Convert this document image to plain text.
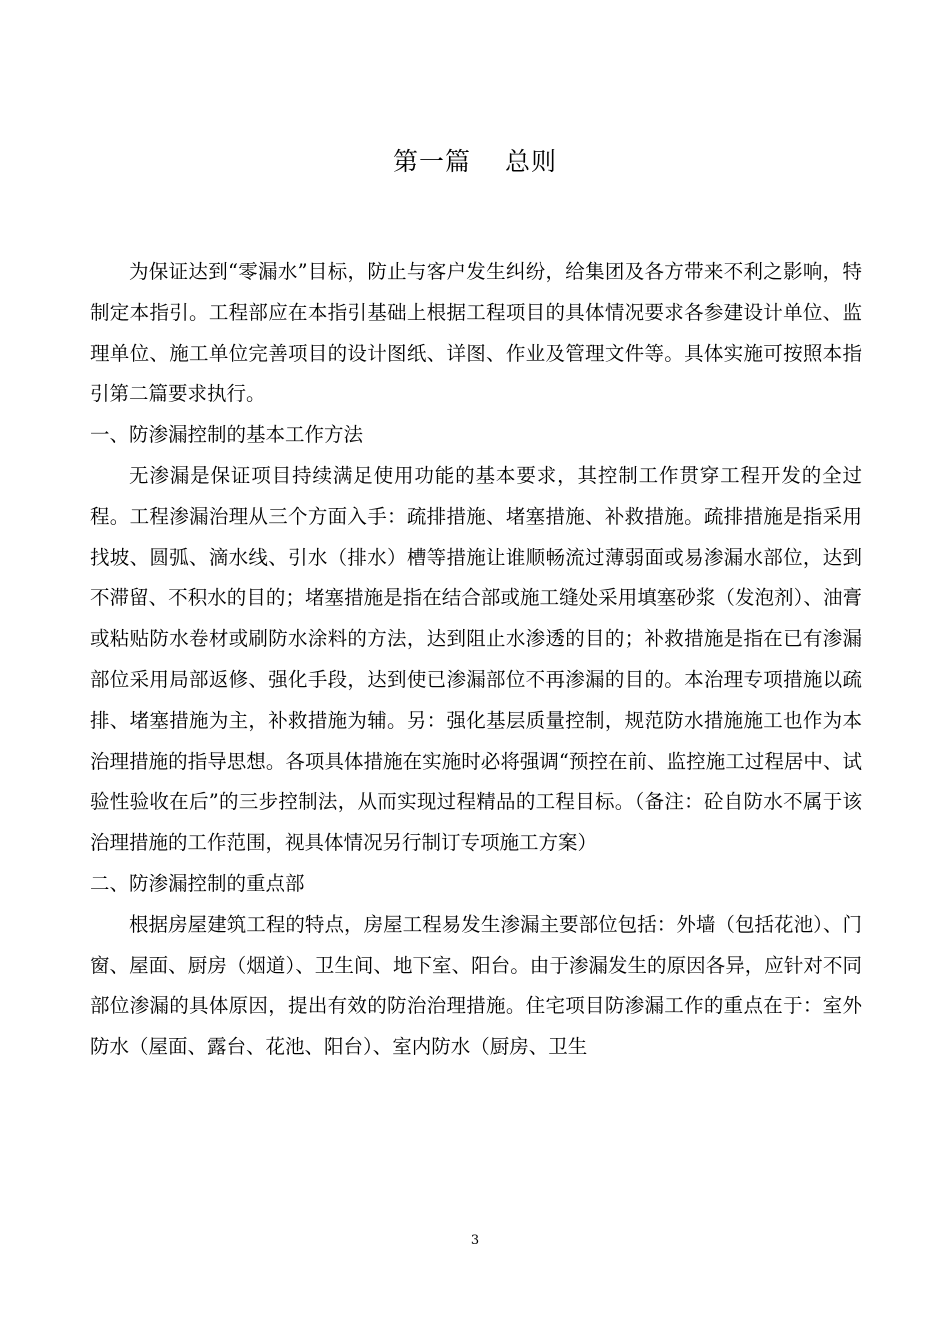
第一篇 总则

为保证达到“零漏水”目标，防止与客户发生纠纷，给集团及各方带来不利之影响，特制定本指引。工程部应在本指引基础上根据工程项目的具体情况要求各参建设计单位、监理单位、施工单位完善项目的设计图纸、详图、作业及管理文件等。具体实施可按照本指引第二篇要求执行。

一、防渗漏控制的基本工作方法

无渗漏是保证项目持续满足使用功能的基本要求，其控制工作贯穿工程开发的全过程。工程渗漏治理从三个方面入手：疏排措施、堵塞措施、补救措施。疏排措施是指采用找坡、圆弧、滴水线、引水（排水）槽等措施让谁顺畅流过薄弱面或易渗漏水部位，达到不滞留、不积水的目的；堵塞措施是指在结合部或施工缝处采用填塞砂浆（发泡剂）、油膏或粘贴防水卷材或刷防水涂料的方法，达到阻止水渗透的目的；补救措施是指在已有渗漏部位采用局部返修、强化手段，达到使已渗漏部位不再渗漏的目的。本治理专项措施以疏排、堵塞措施为主，补救措施为辅。另：强化基层质量控制，规范防水措施施工也作为本治理措施的指导思想。各项具体措施在实施时必将强调“预控在前、监控施工过程居中、试验性验收在后”的三步控制法，从而实现过程精品的工程目标。（备注：砼自防水不属于该治理措施的工作范围，视具体情况另行制订专项施工方案）

二、防渗漏控制的重点部

根据房屋建筑工程的特点，房屋工程易发生渗漏主要部位包括：外墙（包括花池）、门窗、屋面、厨房（烟道）、卫生间、地下室、阳台。由于渗漏发生的原因各异，应针对不同部位渗漏的具体原因，提出有效的防治治理措施。住宅项目防渗漏工作的重点在于：室外防水（屋面、露台、花池、阳台）、室内防水（厨房、卫生

3
